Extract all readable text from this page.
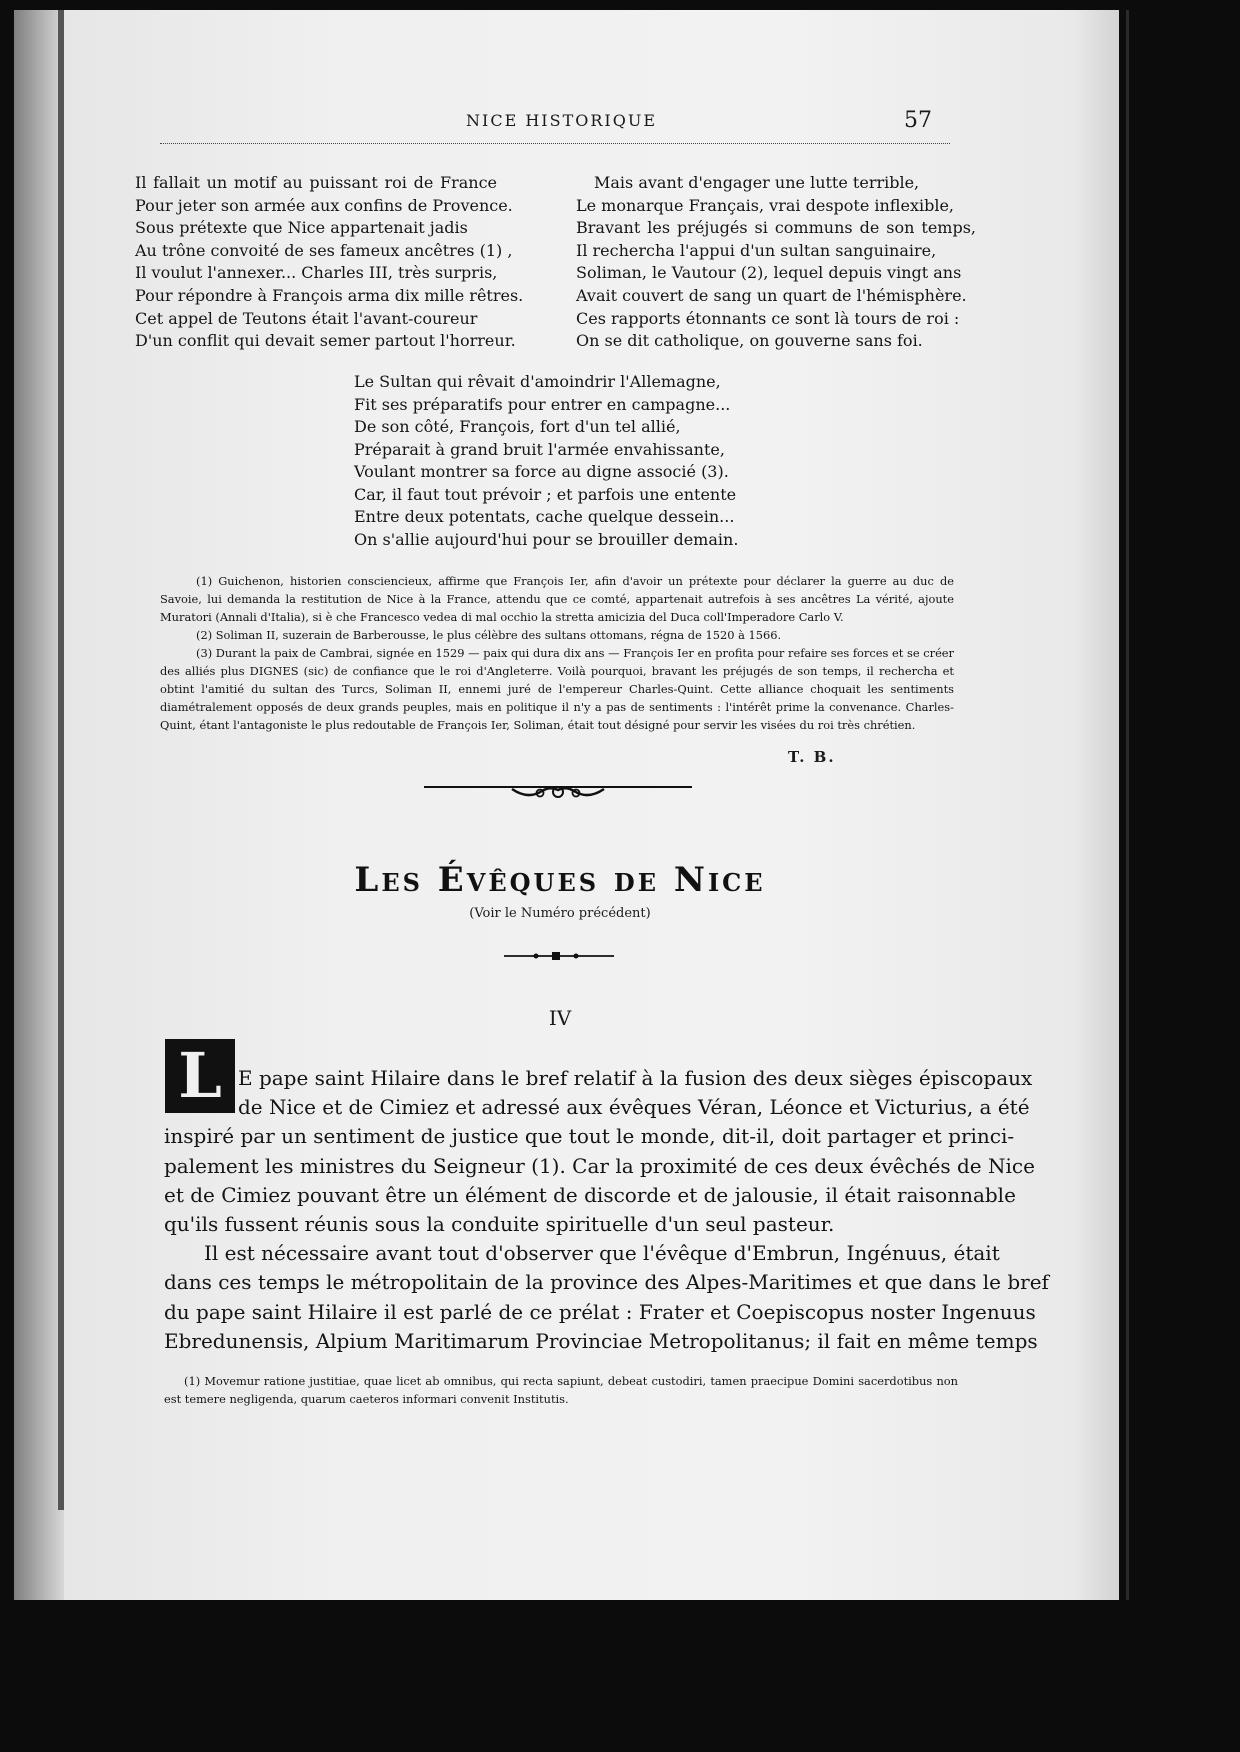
NICE HISTORIQUE	57
Il fallait un motif au puissant roi de France
Pour jeter son armée aux confins de Provence.
Sous prétexte que Nice appartenait jadis
Au trône convoité de ses fameux ancêtres (1) ,
Il voulut l'annexer... Charles III, très surpris,
Pour répondre à François arma dix mille rêtres.
Cet appel de Teutons était l'avant-coureur
D'un conflit qui devait semer partout l'horreur.
Mais avant d'engager une lutte terrible,
Le monarque Français, vrai despote inflexible,
Bravant les préjugés si communs de son temps,
Il rechercha l'appui d'un sultan sanguinaire,
Soliman, le Vautour (2), lequel depuis vingt ans
Avait couvert de sang un quart de l'hémisphère.
Ces rapports étonnants ce sont là tours de roi :
On se dit catholique, on gouverne sans foi.
Le Sultan qui rêvait d'amoindrir l'Allemagne,
Fit ses préparatifs pour entrer en campagne...
De son côté, François, fort d'un tel allié,
Préparait à grand bruit l'armée envahissante,
Voulant montrer sa force au digne associé (3).
Car, il faut tout prévoir ; et parfois une entente
Entre deux potentats, cache quelque dessein...
On s'allie aujourd'hui pour se brouiller demain.

(1) Guichenon, historien consciencieux, affirme que François Ier, afin d'avoir un prétexte pour déclarer la guerre au duc de Savoie, lui demanda la restitution de Nice à la France, attendu que ce comté, appartenait autrefois à ses ancêtres La vérité, ajoute Muratori (Annali d'Italia), si è che Francesco vedea di mal occhio la stretta amicizia del Duca coll'Imperadore Carlo V.

(2) Soliman II, suzerain de Barberousse, le plus célèbre des sultans ottomans, régna de 1520 à 1566.

(3) Durant la paix de Cambrai, signée en 1529 — paix qui dura dix ans — François Ier en profita pour refaire ses forces et se créer des alliés plus DIGNES (sic) de confiance que le roi d'Angleterre. Voilà pourquoi, bravant les préjugés de son temps, il rechercha et obtint l'amitié du sultan des Turcs, Soliman II, ennemi juré de l'empereur Charles-Quint. Cette alliance choquait les sentiments diamétralement opposés de deux grands peuples, mais en politique il n'y a pas de sentiments : l'intérêt prime la convenance. Charles-Quint, étant l'antagoniste le plus redoutable de François Ier, Soliman, était tout désigné pour servir les visées du roi très chrétien.

T. B.
Les Évêques de Nice
(Voir le Numéro précédent)
IV
L E pape saint Hilaire dans le bref relatif à la fusion des deux sièges épiscopaux
de Nice et de Cimiez et adressé aux évêques Véran, Léonce et Victurius, a été
inspiré par un sentiment de justice que tout le monde, dit-il, doit partager et princi-
palement les ministres du Seigneur (1). Car la proximité de ces deux évêchés de Nice
et de Cimiez pouvant être un élément de discorde et de jalousie, il était raisonnable
qu'ils fussent réunis sous la conduite spirituelle d'un seul pasteur.
Il est nécessaire avant tout d'observer que l'évêque d'Embrun, Ingénuus, était
dans ces temps le métropolitain de la province des Alpes-Maritimes et que dans le bref
du pape saint Hilaire il est parlé de ce prélat : Frater et Coepiscopus noster Ingenuus
Ebredunensis, Alpium Maritimarum Provinciae Metropolitanus; il fait en même temps

(1) Movemur ratione justitiae, quae licet ab omnibus, qui recta sapiunt, debeat custodiri, tamen praecipue Domini sacerdotibus non est temere negligenda, quarum caeteros informari convenit Institutis.
